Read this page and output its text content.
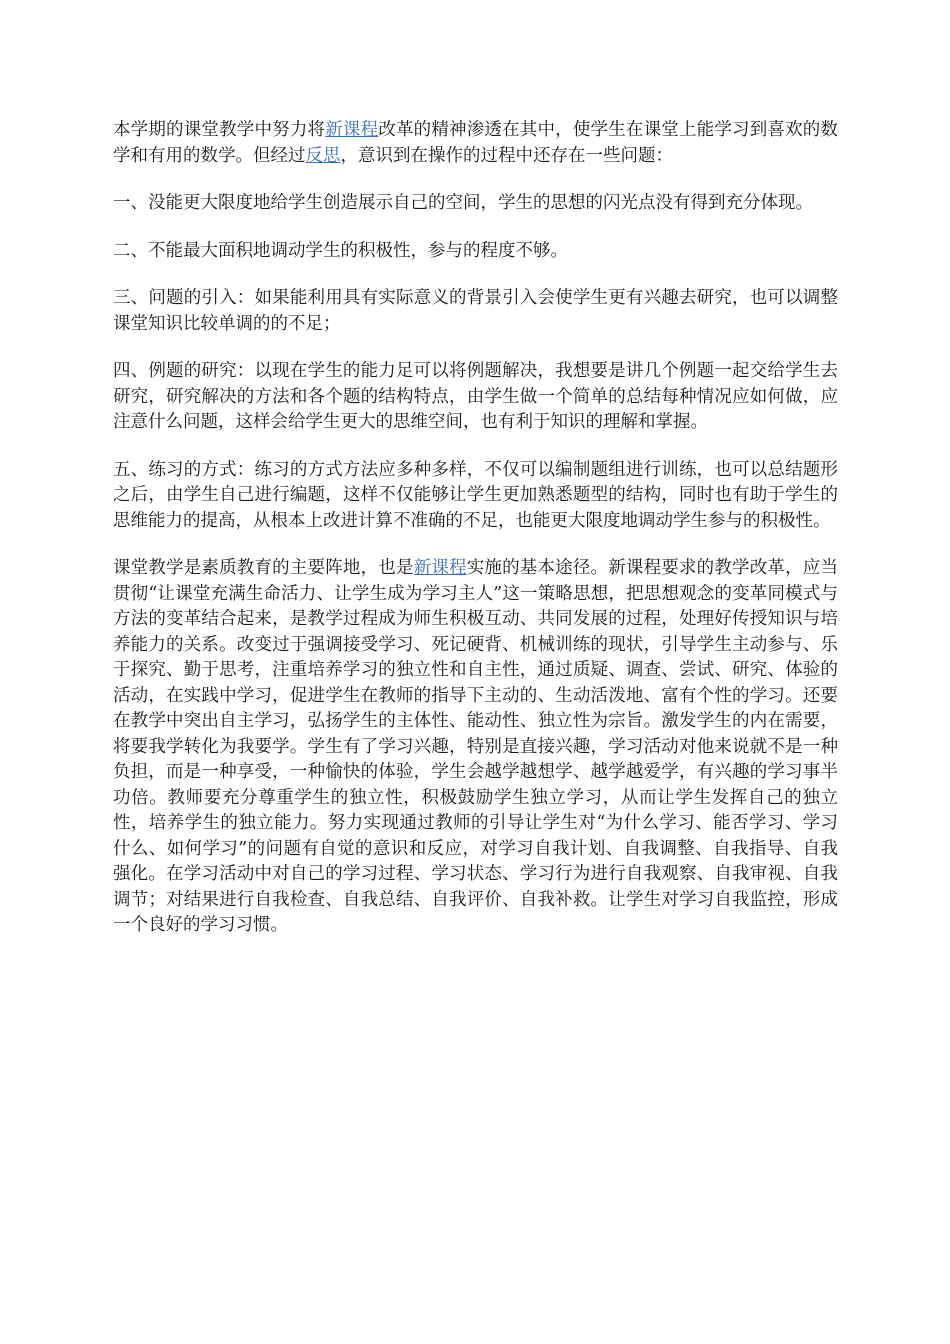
本学期的课堂教学中努力将新课程改革的精神渗透在其中，使学生在课堂上能学习到喜欢的数学和有用的数学。但经过反思，意识到在操作的过程中还存在一些问题：

一、没能更大限度地给学生创造展示自己的空间，学生的思想的闪光点没有得到充分体现。

二、不能最大面积地调动学生的积极性，参与的程度不够。

三、问题的引入：如果能利用具有实际意义的背景引入会使学生更有兴趣去研究，也可以调整课堂知识比较单调的的不足；

四、例题的研究：以现在学生的能力足可以将例题解决，我想要是讲几个例题一起交给学生去研究，研究解决的方法和各个题的结构特点，由学生做一个简单的总结每种情况应如何做，应注意什么问题，这样会给学生更大的思维空间，也有利于知识的理解和掌握。

五、练习的方式：练习的方式方法应多种多样，不仅可以编制题组进行训练，也可以总结题形之后，由学生自己进行编题，这样不仅能够让学生更加熟悉题型的结构，同时也有助于学生的思维能力的提高，从根本上改进计算不准确的不足，也能更大限度地调动学生参与的积极性。

课堂教学是素质教育的主要阵地，也是新课程实施的基本途径。新课程要求的教学改革，应当贯彻“让课堂充满生命活力、让学生成为学习主人”这一策略思想，把思想观念的变革同模式与方法的变革结合起来，是教学过程成为师生积极互动、共同发展的过程，处理好传授知识与培养能力的关系。改变过于强调接受学习、死记硬背、机械训练的现状，引导学生主动参与、乐于探究、勤于思考，注重培养学习的独立性和自主性，通过质疑、调查、尝试、研究、体验的活动，在实践中学习，促进学生在教师的指导下主动的、生动活泼地、富有个性的学习。还要在教学中突出自主学习，弘扬学生的主体性、能动性、独立性为宗旨。激发学生的内在需要，将要我学转化为我要学。学生有了学习兴趣，特别是直接兴趣，学习活动对他来说就不是一种负担，而是一种享受，一种愉快的体验，学生会越学越想学、越学越爱学，有兴趣的学习事半功倍。教师要充分尊重学生的独立性，积极鼓励学生独立学习，从而让学生发挥自己的独立性，培养学生的独立能力。努力实现通过教师的引导让学生对“为什么学习、能否学习、学习什么、如何学习”的问题有自觉的意识和反应，对学习自我计划、自我调整、自我指导、自我强化。在学习活动中对自己的学习过程、学习状态、学习行为进行自我观察、自我审视、自我调节；对结果进行自我检查、自我总结、自我评价、自我补救。让学生对学习自我监控，形成一个良好的学习习惯。
